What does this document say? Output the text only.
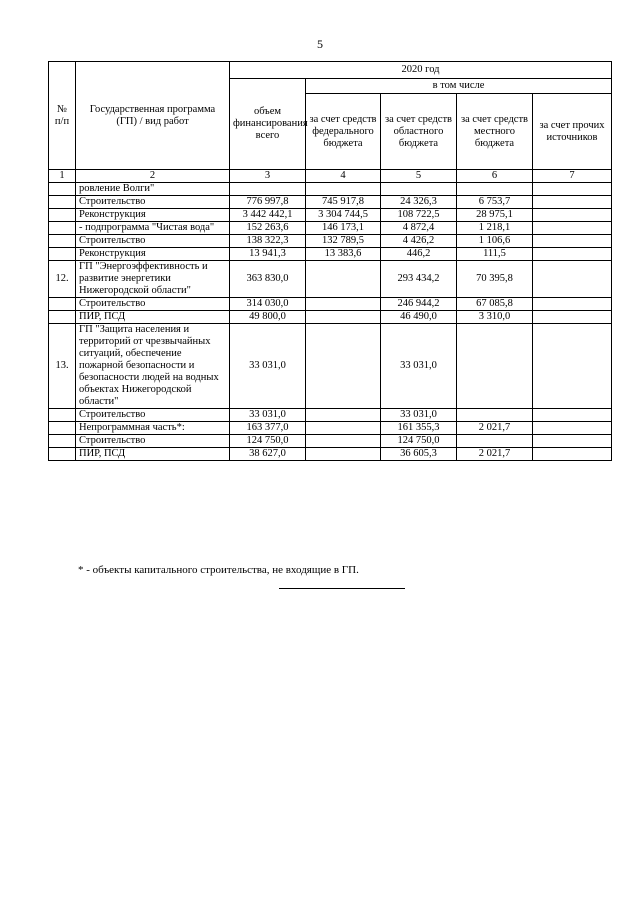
5
№ п/п	Государственная программа (ГП) / вид работ	2020 год				
		объем финансирования всего	в том числе			
			за счет средств федерального бюджета	за счет средств областного бюджета	за счет средств местного бюджета	за счет прочих источников
1	2	3	4	5	6	7
	ровление Волги"					
	Строительство	776 997,8	745 917,8	24 326,3	6 753,7	
	Реконструкция	3 442 442,1	3 304 744,5	108 722,5	28 975,1	
	- подпрограмма "Чистая вода"	152 263,6	146 173,1	4 872,4	1 218,1	
	Строительство	138 322,3	132 789,5	4 426,2	1 106,6	
	Реконструкция	13 941,3	13 383,6	446,2	111,5	
12.	ГП "Энергоэффективность и развитие энергетики Нижегородской области"	363 830,0		293 434,2	70 395,8	
	Строительство	314 030,0		246 944,2	67 085,8	
	ПИР, ПСД	49 800,0		46 490,0	3 310,0	
13.	ГП "Защита населения и территорий от чрезвычайных ситуаций, обеспечение пожарной безопасности и безопасности людей на водных объектах Нижегородской области"	33 031,0		33 031,0		
	Строительство	33 031,0		33 031,0		
	Непрограммная часть*:	163 377,0		161 355,3	2 021,7	
	Строительство	124 750,0		124 750,0		
	ПИР, ПСД	38 627,0		36 605,3	2 021,7	
* - объекты капитального строительства, не входящие в ГП.
